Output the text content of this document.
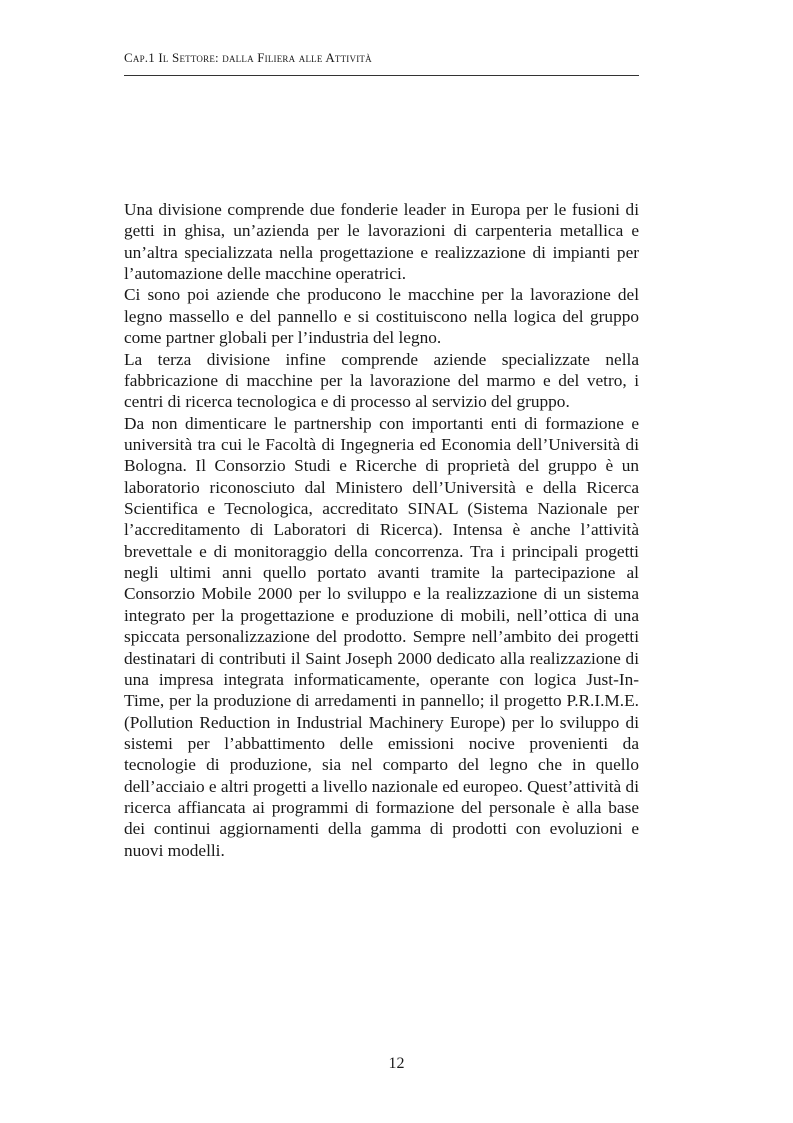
Cap.1 Il Settore: dalla Filiera alle Attività

Una divisione comprende due fonderie leader in Europa per le fusioni di getti in ghisa, un’azienda per le lavorazioni di carpenteria metallica e un’altra specializzata nella progettazione e realizzazione di impianti per l’automazione delle macchine operatrici.

Ci sono poi aziende che producono le macchine per la lavorazione del legno massello e del pannello e si costituiscono nella logica del gruppo come partner globali per l’industria del legno.

La terza divisione infine comprende aziende specializzate nella fabbricazione di macchine per la lavorazione del marmo e del vetro, i centri di ricerca tecnologica e di processo al servizio del gruppo.

Da non dimenticare le partnership con importanti enti di formazione e università tra cui le Facoltà di Ingegneria ed Economia dell’Università di Bologna. Il Consorzio Studi e Ricerche di proprietà del gruppo è un laboratorio riconosciuto dal Ministero dell’Università e della Ricerca Scientifica e Tecnologica, accreditato SINAL (Sistema Nazionale per l’accreditamento di Laboratori di Ricerca). Intensa è anche l’attività brevettale e di monitoraggio della concorrenza. Tra i principali progetti negli ultimi anni quello portato avanti tramite la partecipazione al Consorzio Mobile 2000 per lo sviluppo e la realizzazione di un sistema integrato per la progettazione e produzione di mobili, nell’ottica di una spiccata personalizzazione del prodotto. Sempre nell’ambito dei progetti destinatari di contributi il Saint Joseph 2000 dedicato alla realizzazione di una impresa integrata informaticamente, operante con logica Just-In-Time, per la produzione di arredamenti in pannello; il progetto P.R.I.M.E. (Pollution Reduction in Industrial Machinery Europe) per lo sviluppo di sistemi per l’abbattimento delle emissioni nocive provenienti da tecnologie di produzione, sia nel comparto del legno che in quello dell’acciaio e altri progetti a livello nazionale ed europeo. Quest’attività di ricerca affiancata ai programmi di formazione del personale è alla base dei continui aggiornamenti della gamma di prodotti con evoluzioni e nuovi modelli.

12
